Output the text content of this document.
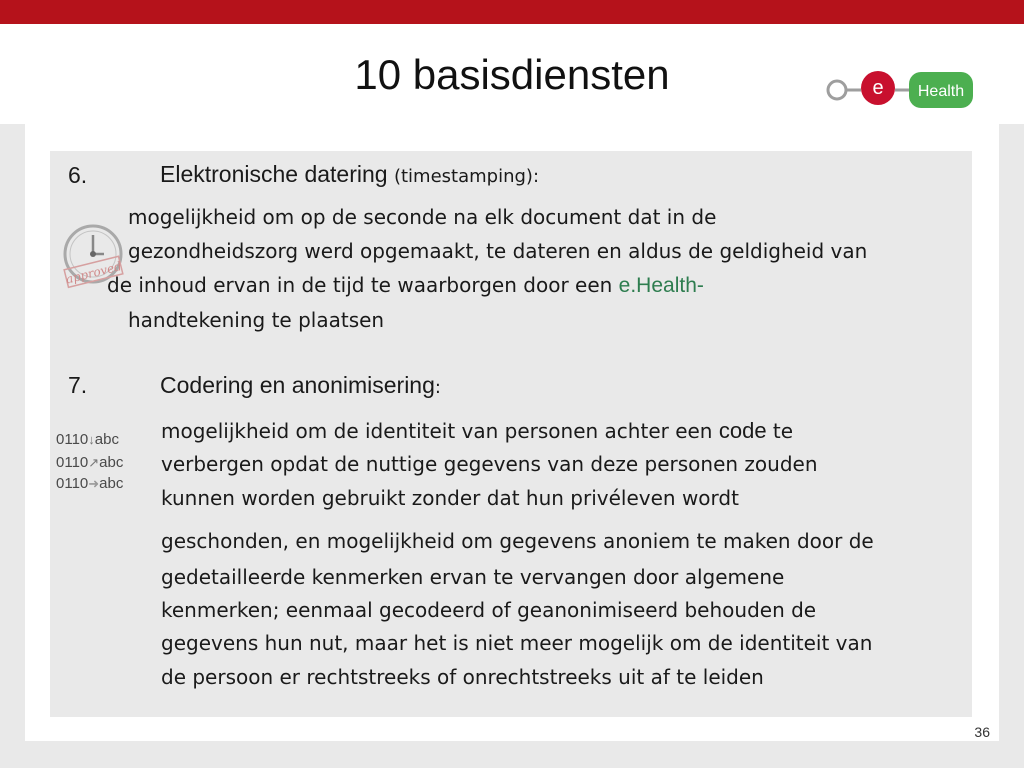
10 basisdiensten	e Health
6.	Elektronische datering (timestamping):
approved
mogelijkheid om op de seconde na elk document dat in de
gezondheidszorg werd opgemaakt, te dateren en aldus de geldigheid van
de inhoud ervan in de tijd te waarborgen door een e.Health-
handtekening te plaatsen
7.	Codering en anonimisering:
0110↓abc
0110↗abc
0110➜abc
mogelijkheid om de identiteit van personen achter een code te
verbergen opdat de nuttige gegevens van deze personen zouden
kunnen worden gebruikt zonder dat hun privéleven wordt
geschonden, en mogelijkheid om gegevens anoniem te maken door de
gedetailleerde kenmerken ervan te vervangen door algemene
kenmerken; eenmaal gecodeerd of geanonimiseerd behouden de
gegevens hun nut, maar het is niet meer mogelijk om de identiteit van
de persoon er rechtstreeks of onrechtstreeks uit af te leiden
36
